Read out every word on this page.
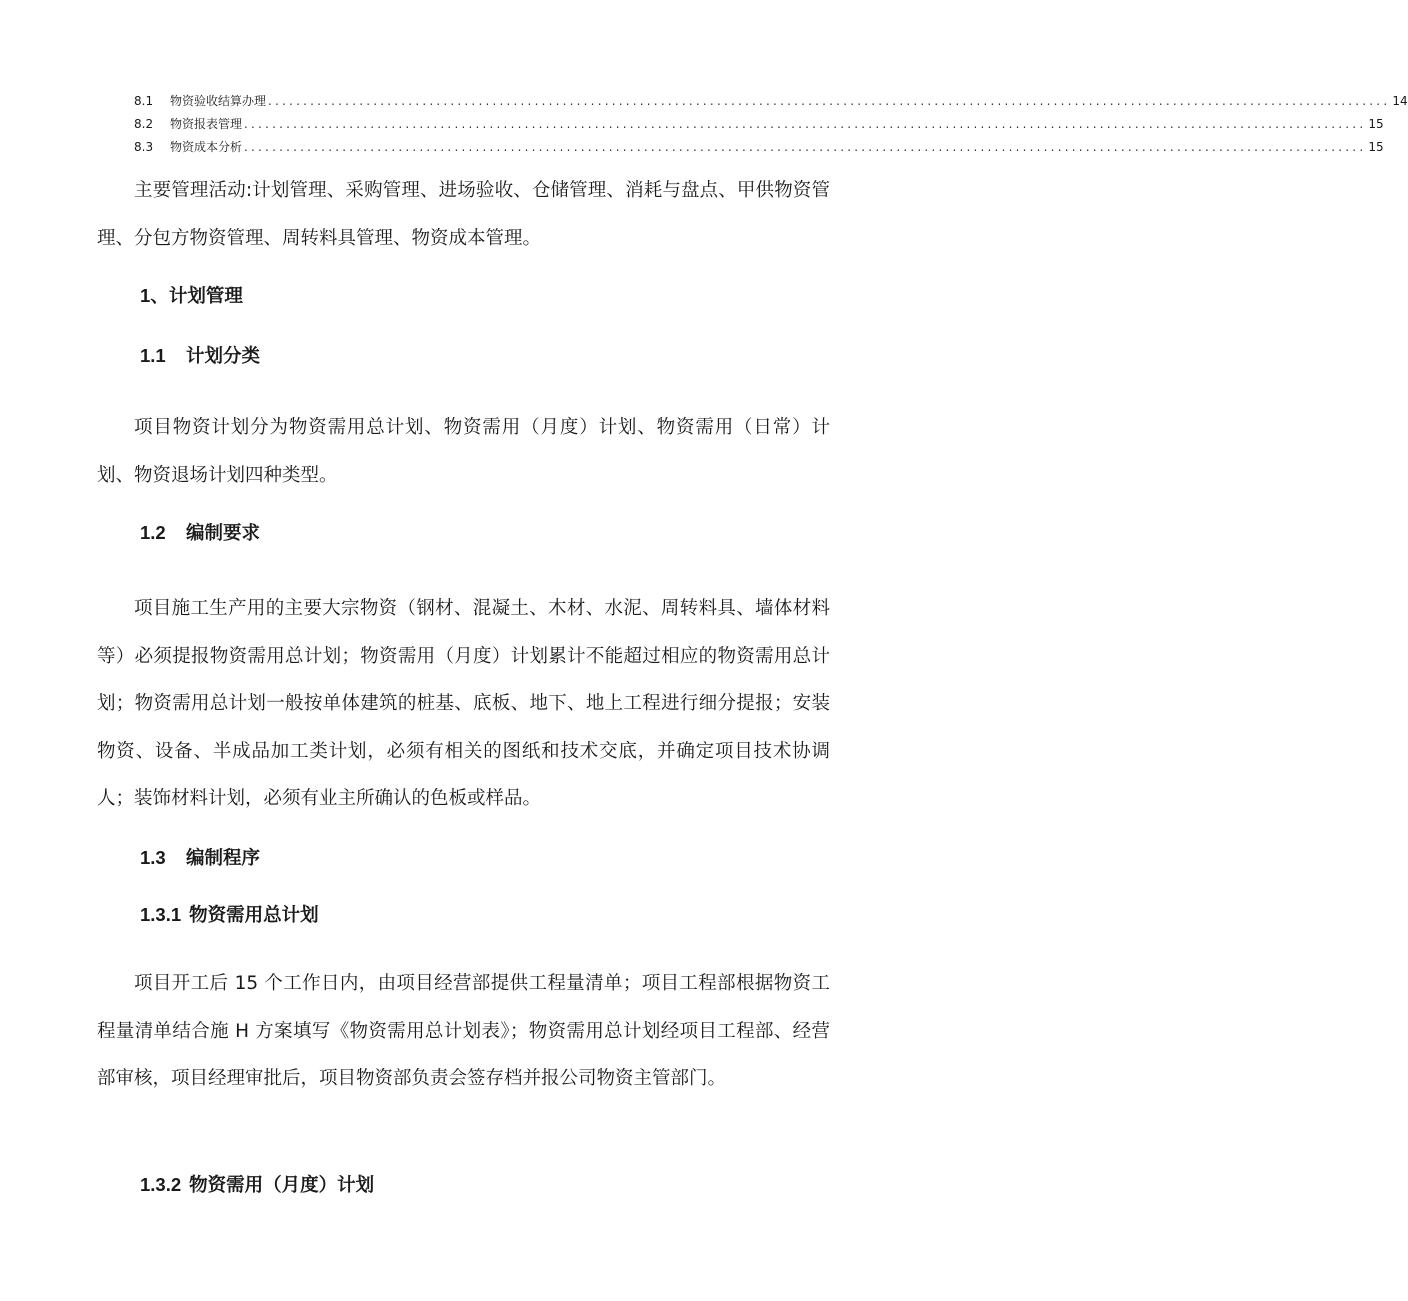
8.1	物资验收结算办理 ................................................................................................................................................................ 14
8.2	物资报表管理 ................................................................................................................................................................ 15
8.3	物资成本分析 ................................................................................................................................................................ 15

主要管理活动:计划管理、采购管理、进场验收、仓储管理、消耗与盘点、甲供物资管理、分包方物资管理、周转料具管理、物资成本管理。

1、计划管理
1.1 计划分类

项目物资计划分为物资需用总计划、物资需用（月度）计划、物资需用（日常）计划、物资退场计划四种类型。

1.2 编制要求

项目施工生产用的主要大宗物资（钢材、混凝土、木材、水泥、周转料具、墙体材料等）必须提报物资需用总计划；物资需用（月度）计划累计不能超过相应的物资需用总计划；物资需用总计划一般按单体建筑的桩基、底板、地下、地上工程进行细分提报；安装物资、设备、半成品加工类计划，必须有相关的图纸和技术交底，并确定项目技术协调人；装饰材料计划，必须有业主所确认的色板或样品。

1.3 编制程序
1.3.1 物资需用总计划

项目开工后 15 个工作日内，由项目经营部提供工程量清单；项目工程部根据物资工程量清单结合施 H 方案填写《物资需用总计划表》；物资需用总计划经项目工程部、经营部审核，项目经理审批后，项目物资部负责会签存档并报公司物资主管部门。

1.3.2 物资需用（月度）计划
